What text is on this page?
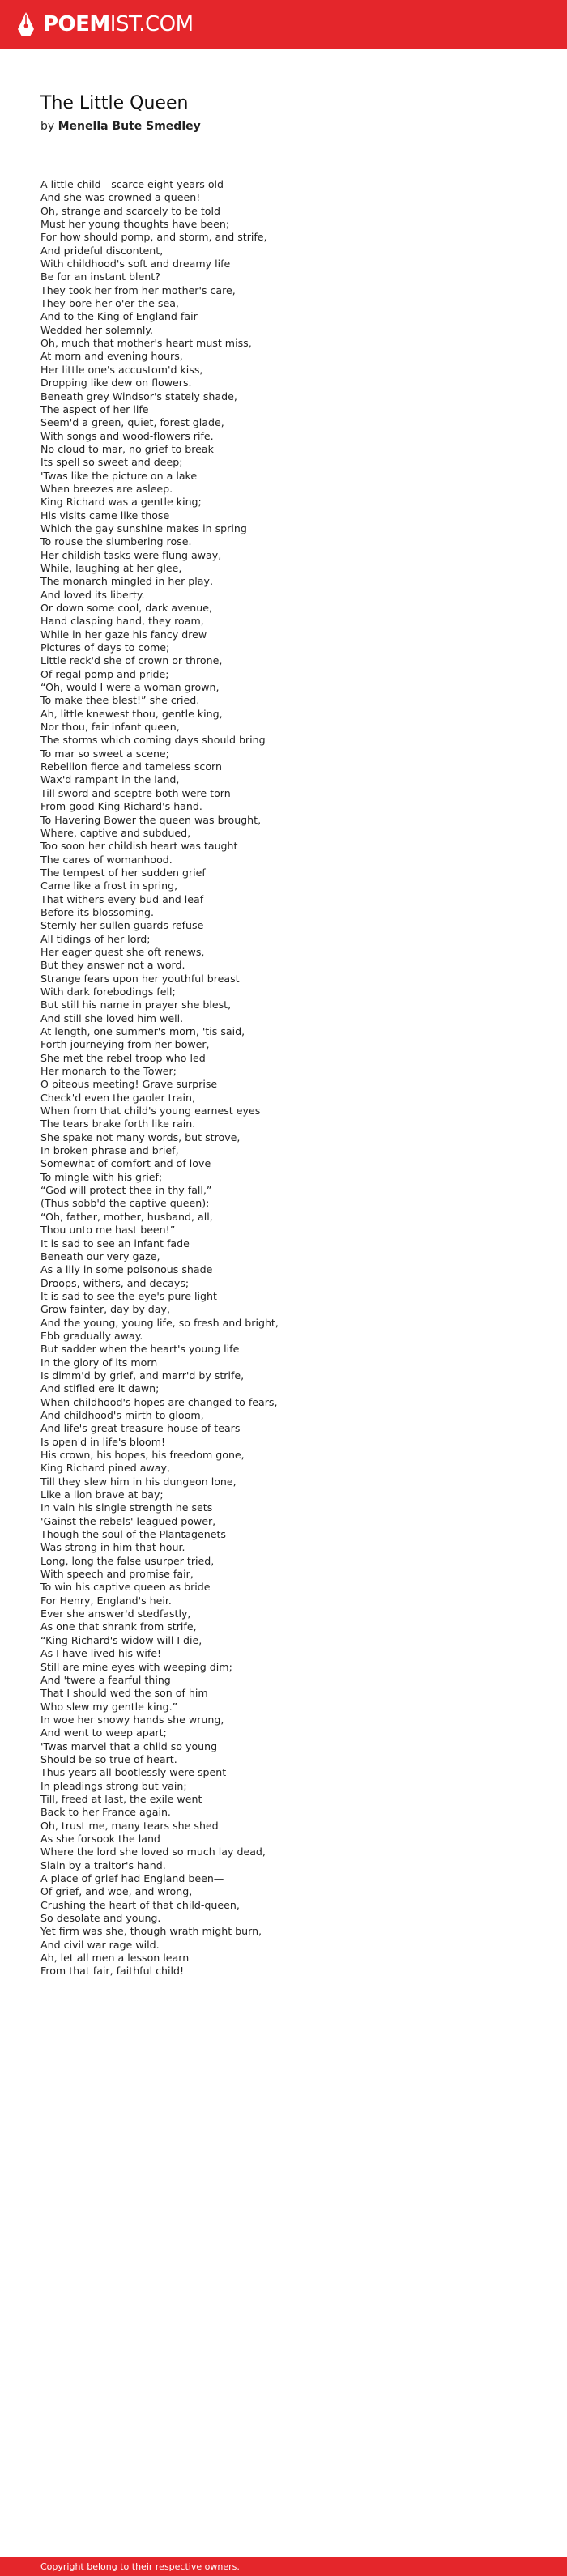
POEMIST.COM
The Little Queen
by Menella Bute Smedley
A little child—scarce eight years old—
And she was crowned a queen!
Oh, strange and scarcely to be told
Must her young thoughts have been;
For how should pomp, and storm, and strife,
And prideful discontent,
With childhood's soft and dreamy life
Be for an instant blent?
They took her from her mother's care,
They bore her o'er the sea,
And to the King of England fair
Wedded her solemnly.
Oh, much that mother's heart must miss,
At morn and evening hours,
Her little one's accustom'd kiss,
Dropping like dew on flowers.
Beneath grey Windsor's stately shade,
The aspect of her life
Seem'd a green, quiet, forest glade,
With songs and wood-flowers rife.
No cloud to mar, no grief to break
Its spell so sweet and deep;
'Twas like the picture on a lake
When breezes are asleep.
King Richard was a gentle king;
His visits came like those
Which the gay sunshine makes in spring
To rouse the slumbering rose.
Her childish tasks were flung away,
While, laughing at her glee,
The monarch mingled in her play,
And loved its liberty.
Or down some cool, dark avenue,
Hand clasping hand, they roam,
While in her gaze his fancy drew
Pictures of days to come;
Little reck'd she of crown or throne,
Of regal pomp and pride;
“Oh, would I were a woman grown,
To make thee blest!” she cried.
Ah, little knewest thou, gentle king,
Nor thou, fair infant queen,
The storms which coming days should bring
To mar so sweet a scene;
Rebellion fierce and tameless scorn
Wax'd rampant in the land,
Till sword and sceptre both were torn
From good King Richard's hand.
To Havering Bower the queen was brought,
Where, captive and subdued,
Too soon her childish heart was taught
The cares of womanhood.
The tempest of her sudden grief
Came like a frost in spring,
That withers every bud and leaf
Before its blossoming.
Sternly her sullen guards refuse
All tidings of her lord;
Her eager quest she oft renews,
But they answer not a word.
Strange fears upon her youthful breast
With dark forebodings fell;
But still his name in prayer she blest,
And still she loved him well.
At length, one summer's morn, 'tis said,
Forth journeying from her bower,
She met the rebel troop who led
Her monarch to the Tower;
O piteous meeting! Grave surprise
Check'd even the gaoler train,
When from that child's young earnest eyes
The tears brake forth like rain.
She spake not many words, but strove,
In broken phrase and brief,
Somewhat of comfort and of love
To mingle with his grief;
“God will protect thee in thy fall,”
(Thus sobb'd the captive queen);
“Oh, father, mother, husband, all,
Thou unto me hast been!”
It is sad to see an infant fade
Beneath our very gaze,
As a lily in some poisonous shade
Droops, withers, and decays;
It is sad to see the eye's pure light
Grow fainter, day by day,
And the young, young life, so fresh and bright,
Ebb gradually away.
But sadder when the heart's young life
In the glory of its morn
Is dimm'd by grief, and marr'd by strife,
And stifled ere it dawn;
When childhood's hopes are changed to fears,
And childhood's mirth to gloom,
And life's great treasure-house of tears
Is open'd in life's bloom!
His crown, his hopes, his freedom gone,
King Richard pined away,
Till they slew him in his dungeon lone,
Like a lion brave at bay;
In vain his single strength he sets
'Gainst the rebels' leagued power,
Though the soul of the Plantagenets
Was strong in him that hour.
Long, long the false usurper tried,
With speech and promise fair,
To win his captive queen as bride
For Henry, England's heir.
Ever she answer'd stedfastly,
As one that shrank from strife,
“King Richard's widow will I die,
As I have lived his wife!
Still are mine eyes with weeping dim;
And 'twere a fearful thing
That I should wed the son of him
Who slew my gentle king.”
In woe her snowy hands she wrung,
And went to weep apart;
'Twas marvel that a child so young
Should be so true of heart.
Thus years all bootlessly were spent
In pleadings strong but vain;
Till, freed at last, the exile went
Back to her France again.
Oh, trust me, many tears she shed
As she forsook the land
Where the lord she loved so much lay dead,
Slain by a traitor's hand.
A place of grief had England been—
Of grief, and woe, and wrong,
Crushing the heart of that child-queen,
So desolate and young.
Yet firm was she, though wrath might burn,
And civil war rage wild.
Ah, let all men a lesson learn
From that fair, faithful child!
Copyright belong to their respective owners.
